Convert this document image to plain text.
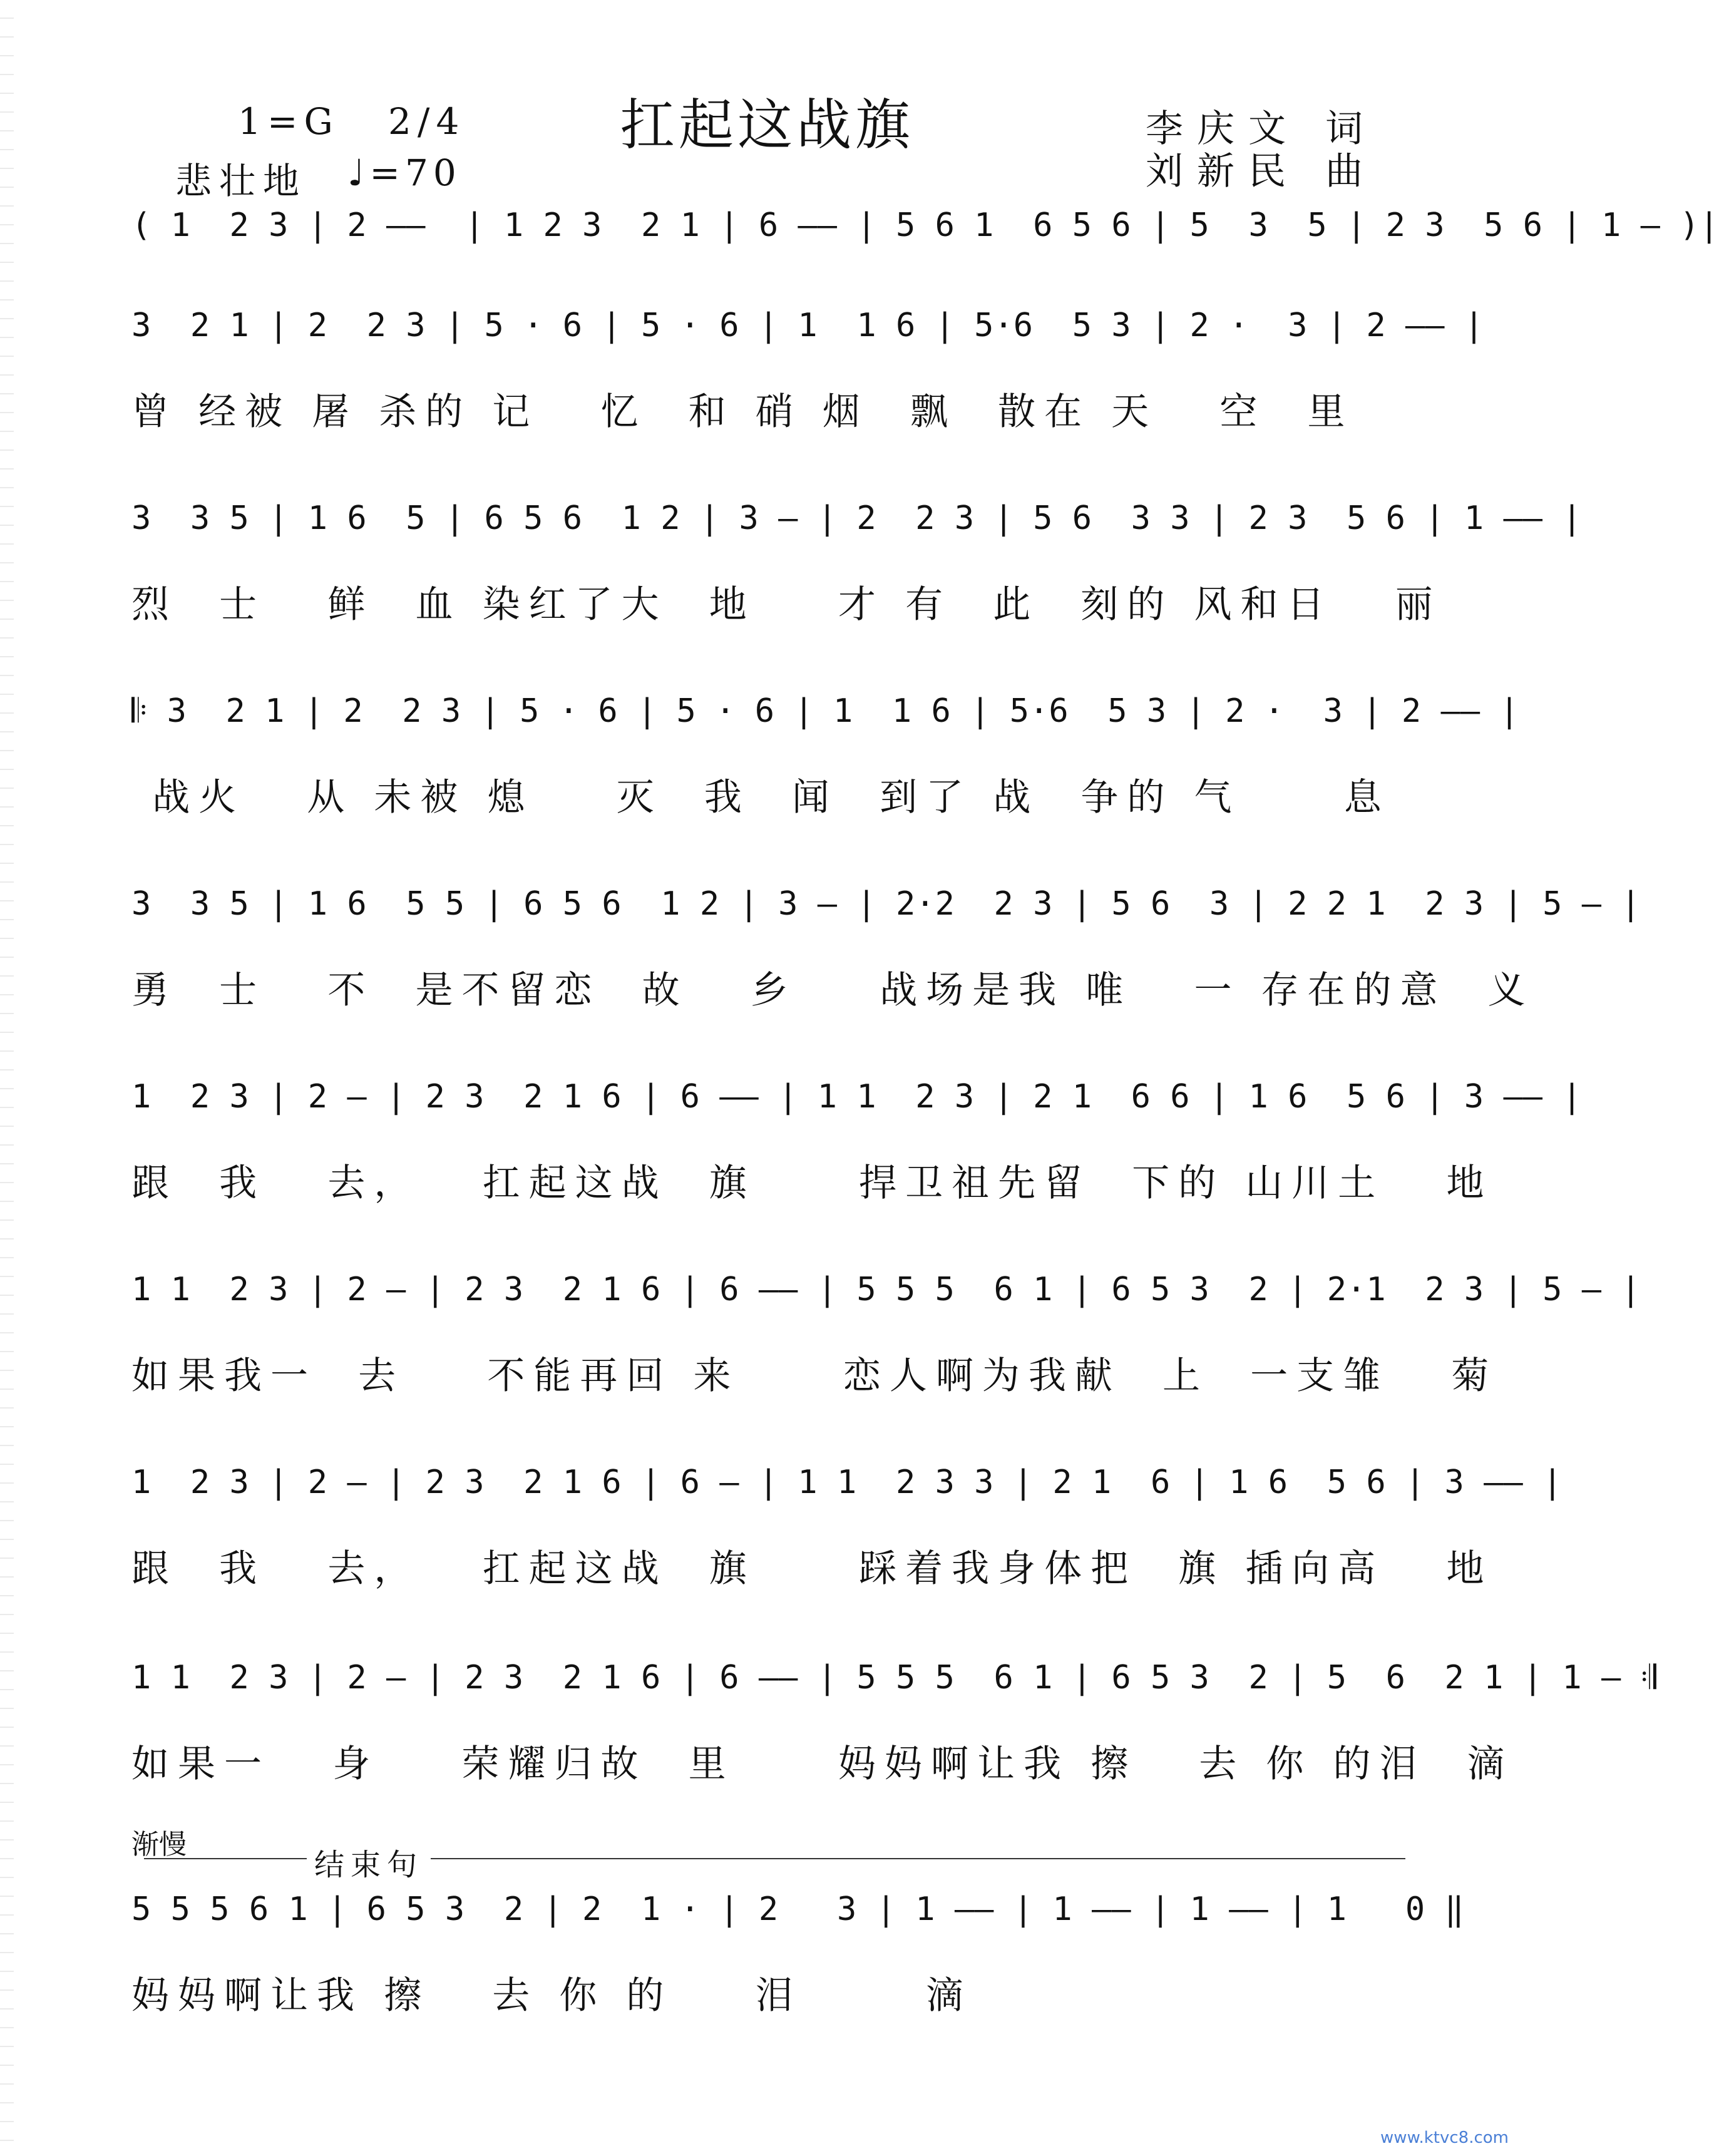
1=G 2/4	扛起这战旗
悲壮地 ♩=70
李庆文 词
刘新民 曲
( 1  2 3 | 2 ——  | 1 2 3  2 1 | 6 —— | 5 6 1  6 5 6 | 5  3  5 | 2 3  5 6 | 1 — )|
3  2 1 | 2  2 3 | 5 · 6 | 5 · 6 | 1  1 6 | 5·6  5 3 | 2 ·  3 | 2 —— |
曾 经被 屠 杀的 记   忆  和 硝 烟  飘  散在 天   空  里
3  3 5 | 1 6  5 | 6 5 6  1 2 | 3 — | 2  2 3 | 5 6  3 3 | 2 3  5 6 | 1 —— |
烈  士   鲜  血 染红了大  地    才 有  此  刻的 风和日   丽
𝄆 3  2 1 | 2  2 3 | 5 · 6 | 5 · 6 | 1  1 6 | 5·6  5 3 | 2 ·  3 | 2 —— |
战火   从 未被 熄    灭  我  闻  到了 战  争的 气     息
3  3 5 | 1 6  5 5 | 6 5 6  1 2 | 3 — | 2·2  2 3 | 5 6  3 | 2 2 1  2 3 | 5 — |
勇  士   不  是不留恋  故   乡    战场是我 唯   一 存在的意  义
1  2 3 | 2 — | 2 3  2 1 6 | 6 —— | 1 1  2 3 | 2 1  6 6 | 1 6  5 6 | 3 —— |
跟  我   去，   扛起这战  旗     捍卫祖先留  下的 山川土   地
1 1  2 3 | 2 — | 2 3  2 1 6 | 6 —— | 5 5 5  6 1 | 6 5 3  2 | 2·1  2 3 | 5 — |
如果我一  去    不能再回 来     恋人啊为我献  上  一支雏   菊
1  2 3 | 2 — | 2 3  2 1 6 | 6 — | 1 1  2 3 3 | 2 1  6 | 1 6  5 6 | 3 —— |
跟  我   去，   扛起这战  旗     踩着我身体把  旗 插向高   地
1 1  2 3 | 2 — | 2 3  2 1 6 | 6 —— | 5 5 5  6 1 | 6 5 3  2 | 5  6  2 1 | 1 — 𝄇
如果一   身    荣耀归故  里     妈妈啊让我 擦   去 你 的泪  滴
渐慢
结束句
5 5 5 6 1 | 6 5 3  2 | 2  1 · | 2   3 | 1 —— | 1 —— | 1 —— | 1   0 ‖
妈妈啊让我 擦   去 你 的    泪      滴
www.ktvc8.com
